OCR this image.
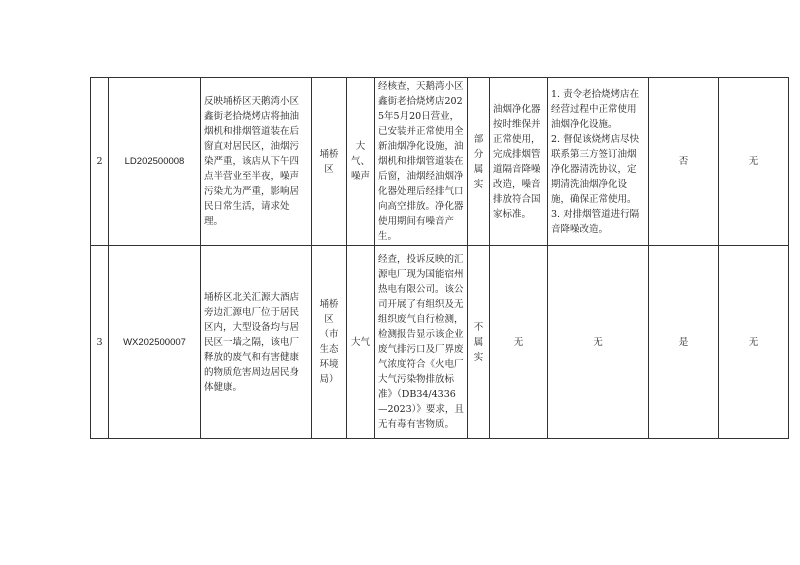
2	LD202500008	反映埇桥区天鹅湾小区鑫街老拾烧烤店将抽油烟机和排烟管道装在后窗直对居民区，油烟污染严重，该店从下午四点半营业至半夜，噪声污染尤为严重，影响居民日常生活，请求处理。	埇桥区	大
气、
噪声	经核查，天鹅湾小区鑫街老拾烧烤店2025年5月20日营业，已安装并正常使用全新油烟净化设施，油烟机和排烟管道装在后窗，油烟经油烟净化器处理后经排气口向高空排放。净化器使用期间有噪音产生。	部
分
属
实	油烟净化器按时维保并正常使用，完成排烟管道隔音降噪改造，噪音排放符合国家标准。	1. 责令老拾烧烤店在经营过程中正常使用油烟净化设施。
2. 督促该烧烤店尽快联系第三方签订油烟净化器清洗协议，定期清洗油烟净化设施，确保正常使用。
3. 对排烟管道进行隔音降噪改造。	否	无
3	WX202500007	埇桥区北关汇源大酒店旁边汇源电厂位于居民区内，大型设备均与居民区一墙之隔，该电厂释放的废气和有害健康的物质危害周边居民身体健康。	埇桥区（市生态环境局）	大气	经查，投诉反映的汇源电厂现为国能宿州热电有限公司。该公司开展了有组织及无组织废气自行检测，检测报告显示该企业废气排污口及厂界废气浓度符合《火电厂大气污染物排放标准》（DB34/4336—2023）》要求，且无有毒有害物质。	不
属
实	无	无	是	无
